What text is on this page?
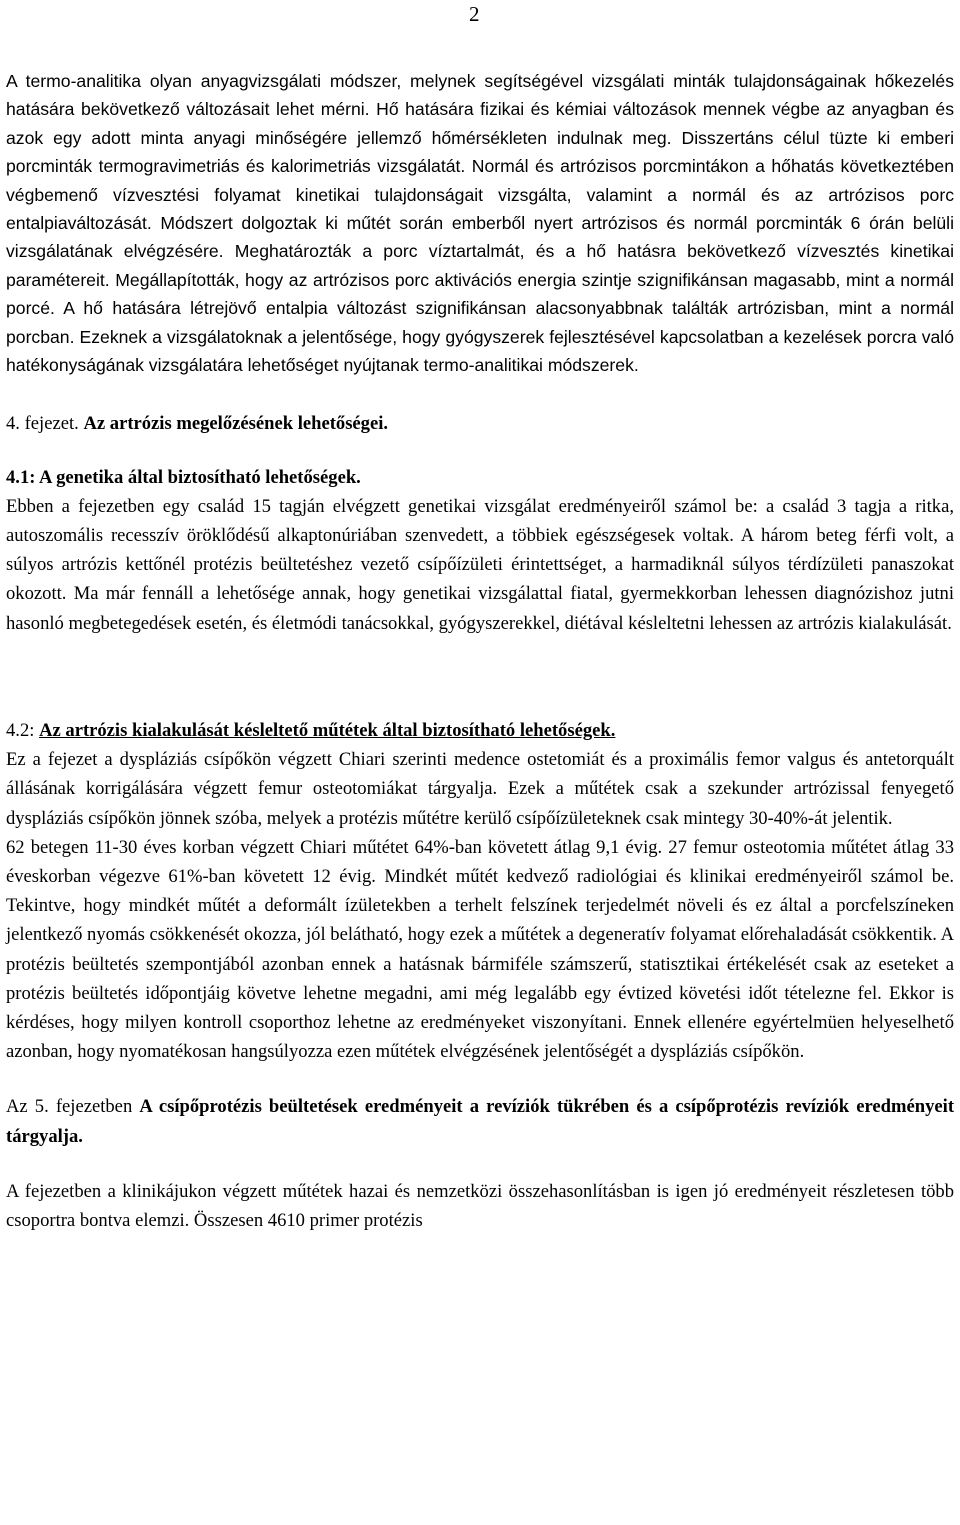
2

A termo-analitika olyan anyagvizsgálati módszer, melynek segítségével vizsgálati minták tulajdonságainak hőkezelés hatására bekövetkező változásait lehet mérni. Hő hatására fizikai és kémiai változások mennek végbe az anyagban és azok egy adott minta anyagi minőségére jellemző hőmérsékleten indulnak meg. Disszertáns célul tüzte ki emberi porcminták termogravimetriás és kalorimetriás vizsgálatát. Normál és artrózisos porcmintákon a hőhatás következtében végbemenő vízvesztési folyamat kinetikai tulajdonságait vizsgálta, valamint a normál és az artrózisos porc entalpiaváltozását. Módszert dolgoztak ki műtét során emberből nyert artrózisos és normál porcminták 6 órán belüli vizsgálatának elvégzésére. Meghatározták a porc víztartalmát, és a hő hatásra bekövetkező vízvesztés kinetikai paramétereit. Megállapították, hogy az artrózisos porc aktivációs energia szintje szignifikánsan magasabb, mint a normál porcé. A hő hatására létrejövő entalpia változást szignifikánsan alacsonyabbnak találták artrózisban, mint a normál porcban. Ezeknek a vizsgálatoknak a jelentősége, hogy gyógyszerek fejlesztésével kapcsolatban a kezelések porcra való hatékonyságának vizsgálatára lehetőséget nyújtanak termo-analitikai módszerek.

4. fejezet. Az artrózis megelőzésének lehetőségei.

4.1: A genetika által biztosítható lehetőségek.

Ebben a fejezetben egy család 15 tagján elvégzett genetikai vizsgálat eredményeiről számol be: a család 3 tagja a ritka, autoszomális recesszív öröklődésű alkaptonúriában szenvedett, a többiek egészségesek voltak. A három beteg férfi volt, a súlyos artrózis kettőnél protézis beültetéshez vezető csípőízületi érintettséget, a harmadiknál súlyos térdízületi panaszokat okozott. Ma már fennáll a lehetősége annak, hogy genetikai vizsgálattal fiatal, gyermekkorban lehessen diagnózishoz jutni hasonló megbetegedések esetén, és életmódi tanácsokkal, gyógyszerekkel, diétával késleltetni lehessen az artrózis kialakulását.

4.2: Az artrózis kialakulását késleltető műtétek által biztosítható lehetőségek.

Ez a fejezet a dyspláziás csípőkön végzett Chiari szerinti medence ostetomiát és a proximális femor valgus és antetorquált állásának korrigálására végzett femur osteotomiákat tárgyalja. Ezek a műtétek csak a szekunder artrózissal fenyegető dyspláziás csípőkön jönnek szóba, melyek a protézis műtétre kerülő csípőízületeknek csak mintegy 30-40%-át jelentik.

62 betegen 11-30 éves korban végzett Chiari műtétet 64%-ban követett átlag 9,1 évig. 27 femur osteotomia műtétet átlag 33 éveskorban végezve 61%-ban követett 12 évig. Mindkét műtét kedvező radiológiai és klinikai eredményeiről számol be. Tekintve, hogy mindkét műtét a deformált ízületekben a terhelt felszínek terjedelmét növeli és ez által a porcfelszíneken jelentkező nyomás csökkenését okozza, jól belátható, hogy ezek a műtétek a degeneratív folyamat előrehaladását csökkentik. A protézis beültetés szempontjából azonban ennek a hatásnak bármiféle számszerű, statisztikai értékelését csak az eseteket a protézis beültetés időpontjáig követve lehetne megadni, ami még legalább egy évtized követési időt tételezne fel. Ekkor is kérdéses, hogy milyen kontroll csoporthoz lehetne az eredményeket viszonyítani. Ennek ellenére egyértelmüen helyeselhető azonban, hogy nyomatékosan hangsúlyozza ezen műtétek elvégzésének jelentőségét a dyspláziás csípőkön.

Az 5. fejezetben A csípőprotézis beültetések eredményeit a revíziók tükrében és a csípőprotézis revíziók eredményeit tárgyalja.

A fejezetben a klinikájukon végzett műtétek hazai és nemzetközi összehasonlításban is igen jó eredményeit részletesen több csoportra bontva elemzi. Összesen 4610 primer protézis
